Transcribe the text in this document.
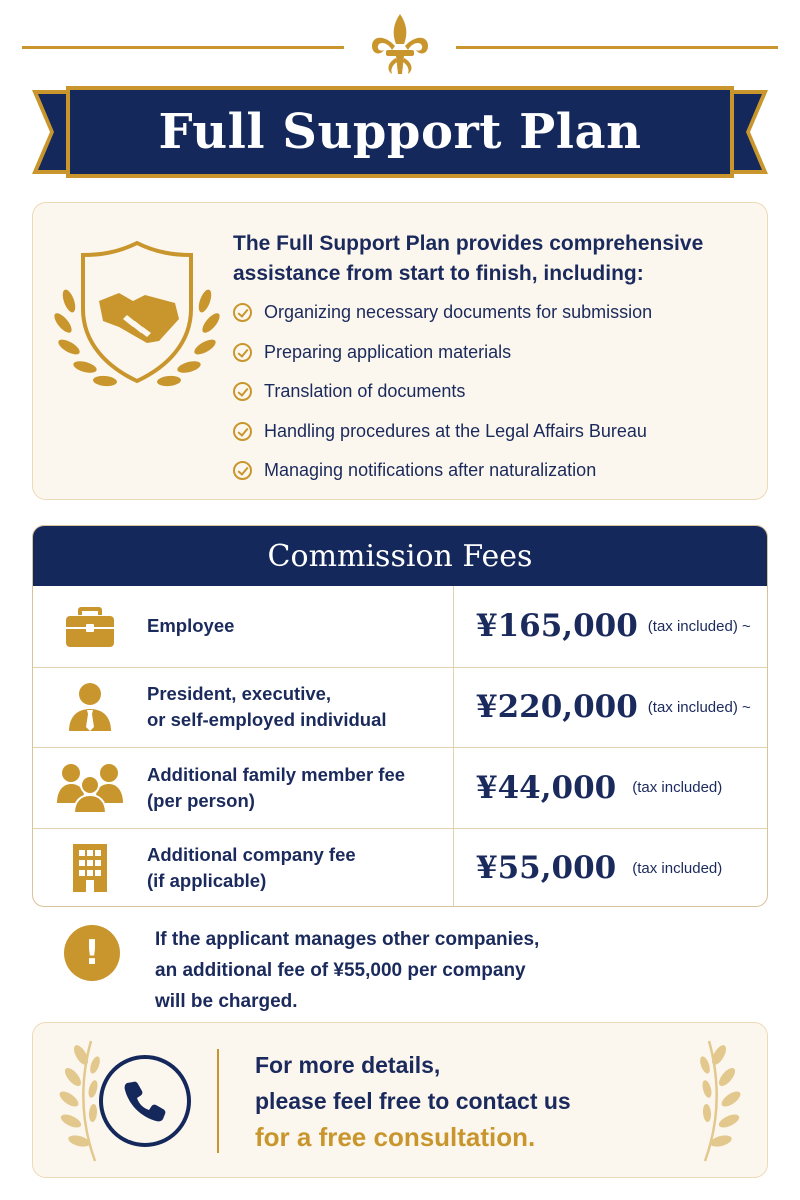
Full Support Plan
The Full Support Plan provides comprehensive
assistance from start to finish, including:
Organizing necessary documents for submission
Preparing application materials
Translation of documents
Handling procedures at the Legal Affairs Bureau
Managing notifications after naturalization
Commission Fees
Employee	¥165,000 (tax included) ~
President, executive,
or self-employed individual	¥220,000 (tax included) ~
Additional family member fee
(per person)	¥44,000 (tax included)
Additional company fee
(if applicable)	¥55,000 (tax included)
!	If the applicant manages other companies,
an additional fee of ¥55,000 per company
will be charged.
For more details,
please feel free to contact us
for a free consultation.
